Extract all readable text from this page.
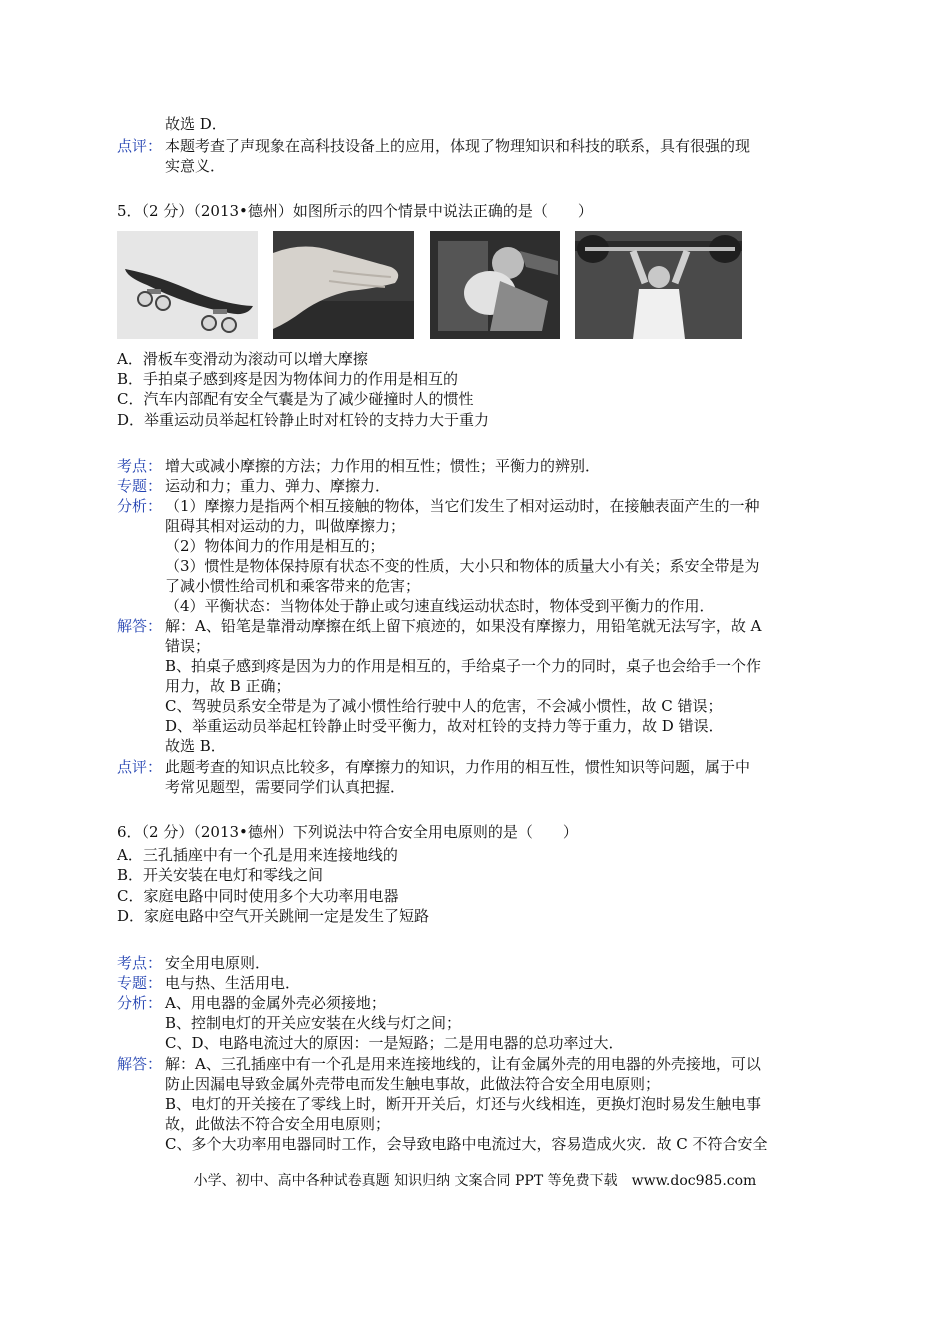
故选 D．
点评： 本题考查了声现象在高科技设备上的应用，体现了物理知识和科技的联系，具有很强的现
实意义．
5．（2 分）（2013•德州）如图所示的四个情景中说法正确的是（　　）
A．滑板车变滑动为滚动可以增大摩擦
B．手拍桌子感到疼是因为物体间力的作用是相互的
C．汽车内部配有安全气囊是为了减少碰撞时人的惯性
D．举重运动员举起杠铃静止时对杠铃的支持力大于重力
考点： 增大或减小摩擦的方法；力作用的相互性；惯性；平衡力的辨别．
专题： 运动和力；重力、弹力、摩擦力．
分析： （1）摩擦力是指两个相互接触的物体，当它们发生了相对运动时，在接触表面产生的一种
阻碍其相对运动的力，叫做摩擦力；
（2）物体间力的作用是相互的；
（3）惯性是物体保持原有状态不变的性质，大小只和物体的质量大小有关；系安全带是为
了减小惯性给司机和乘客带来的危害；
（4）平衡状态：当物体处于静止或匀速直线运动状态时，物体受到平衡力的作用．
解答： 解：A、铅笔是靠滑动摩擦在纸上留下痕迹的，如果没有摩擦力，用铅笔就无法写字，故 A
错误；
B、拍桌子感到疼是因为力的作用是相互的，手给桌子一个力的同时，桌子也会给手一个作
用力，故 B 正确；
C、驾驶员系安全带是为了减小惯性给行驶中人的危害，不会减小惯性，故 C 错误；
D、举重运动员举起杠铃静止时受平衡力，故对杠铃的支持力等于重力，故 D 错误．
故选 B．
点评： 此题考查的知识点比较多，有摩擦力的知识，力作用的相互性，惯性知识等问题，属于中
考常见题型，需要同学们认真把握．
6．（2 分）（2013•德州）下列说法中符合安全用电原则的是（　　）
A．三孔插座中有一个孔是用来连接地线的
B．开关安装在电灯和零线之间
C．家庭电路中同时使用多个大功率用电器
D．家庭电路中空气开关跳闸一定是发生了短路
考点： 安全用电原则．
专题： 电与热、生活用电．
分析： A、用电器的金属外壳必须接地；
B、控制电灯的开关应安装在火线与灯之间；
C、D、电路电流过大的原因：一是短路；二是用电器的总功率过大．
解答： 解：A、三孔插座中有一个孔是用来连接地线的，让有金属外壳的用电器的外壳接地，可以
防止因漏电导致金属外壳带电而发生触电事故，此做法符合安全用电原则；
B、电灯的开关接在了零线上时，断开开关后，灯还与火线相连，更换灯泡时易发生触电事
故，此做法不符合安全用电原则；
C、多个大功率用电器同时工作，会导致电路中电流过大，容易造成火灾．故 C 不符合安全
小学、初中、高中各种试卷真题 知识归纳 文案合同 PPT 等免费下载　www.doc985.com
